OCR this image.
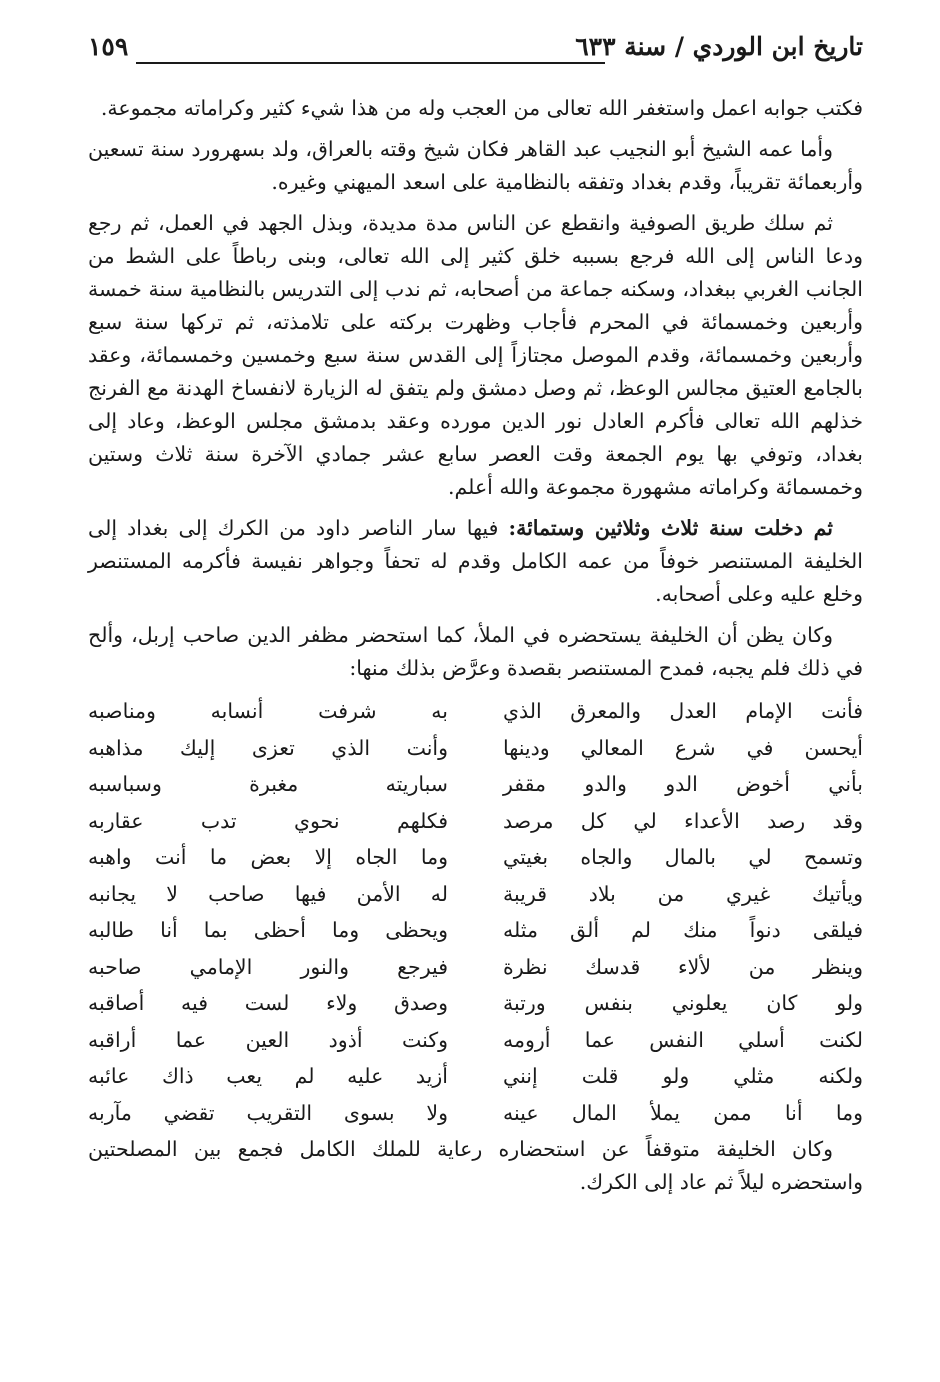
تاريخ ابن الوردي / سنة ٦٣٣
١٥٩

فكتب جوابه اعمل واستغفر الله تعالى من العجب وله من هذا شيء كثير وكراماته مجموعة.

وأما عمه الشيخ أبو النجيب عبد القاهر فكان شيخ وقته بالعراق، ولد بسهرورد سنة تسعين وأربعمائة تقريباً، وقدم بغداد وتفقه بالنظامية على اسعد الميهني وغيره.

ثم سلك طريق الصوفية وانقطع عن الناس مدة مديدة، وبذل الجهد في العمل، ثم رجع ودعا الناس إلى الله فرجع بسببه خلق كثير إلى الله تعالى، وبنى رباطاً على الشط من الجانب الغربي ببغداد، وسكنه جماعة من أصحابه، ثم ندب إلى التدريس بالنظامية سنة خمسة وأربعين وخمسمائة في المحرم فأجاب وظهرت بركته على تلامذته، ثم تركها سنة سبع وأربعين وخمسمائة، وقدم الموصل مجتازاً إلى القدس سنة سبع وخمسين وخمسمائة، وعقد بالجامع العتيق مجالس الوعظ، ثم وصل دمشق ولم يتفق له الزيارة لانفساخ الهدنة مع الفرنج خذلهم الله تعالى فأكرم العادل نور الدين مورده وعقد بدمشق مجلس الوعظ، وعاد إلى بغداد، وتوفي بها يوم الجمعة وقت العصر سابع عشر جمادي الآخرة سنة ثلاث وستين وخمسمائة وكراماته مشهورة مجموعة والله أعلم.

ثم دخلت سنة ثلاث وثلاثين وستمائة: فيها سار الناصر داود من الكرك إلى بغداد إلى الخليفة المستنصر خوفاً من عمه الكامل وقدم له تحفاً وجواهر نفيسة فأكرمه المستنصر وخلع عليه وعلى أصحابه.

وكان يظن أن الخليفة يستحضره في الملأ، كما استحضر مظفر الدين صاحب إربل، وألح في ذلك فلم يجبه، فمدح المستنصر بقصدة وعرَّض بذلك منها:

فأنت الإمام العدل والمعرق الذي
به شرفت أنسابه ومناصبه
أيحسن في شرع المعالي ودينها
وأنت الذي تعزى إليك مذاهبه
بأني أخوض الدو والدو مقفر
سباريته مغبرة وسباسبه
وقد رصد الأعداء لي كل مرصد
فكلهم نحوي تدب عقاربه
وتسمح لي بالمال والجاه بغيتي
وما الجاه إلا بعض ما أنت واهبه
ويأتيك غيري من بلاد قريبة
له الأمن فيها صاحب لا يجانبه
فيلقى دنواً منك لم ألق مثله
ويحظى وما أحظى بما أنا طالبه
وينظر من لألاء قدسك نظرة
فيرجع والنور الإمامي صاحبه
ولو كان يعلوني بنفس ورتبة
وصدق ولاء لست فيه أصاقبه
لكنت أسلي النفس عما أرومه
وكنت أذود العين عما أراقبه
ولكنه مثلي ولو قلت إنني
أزيد عليه لم يعب ذاك عائبه
وما أنا ممن يملأ المال عينه
ولا بسوى التقريب تقضي مآربه

وكان الخليفة متوقفاً عن استحضاره رعاية للملك الكامل فجمع بين المصلحتين واستحضره ليلاً ثم عاد إلى الكرك.
